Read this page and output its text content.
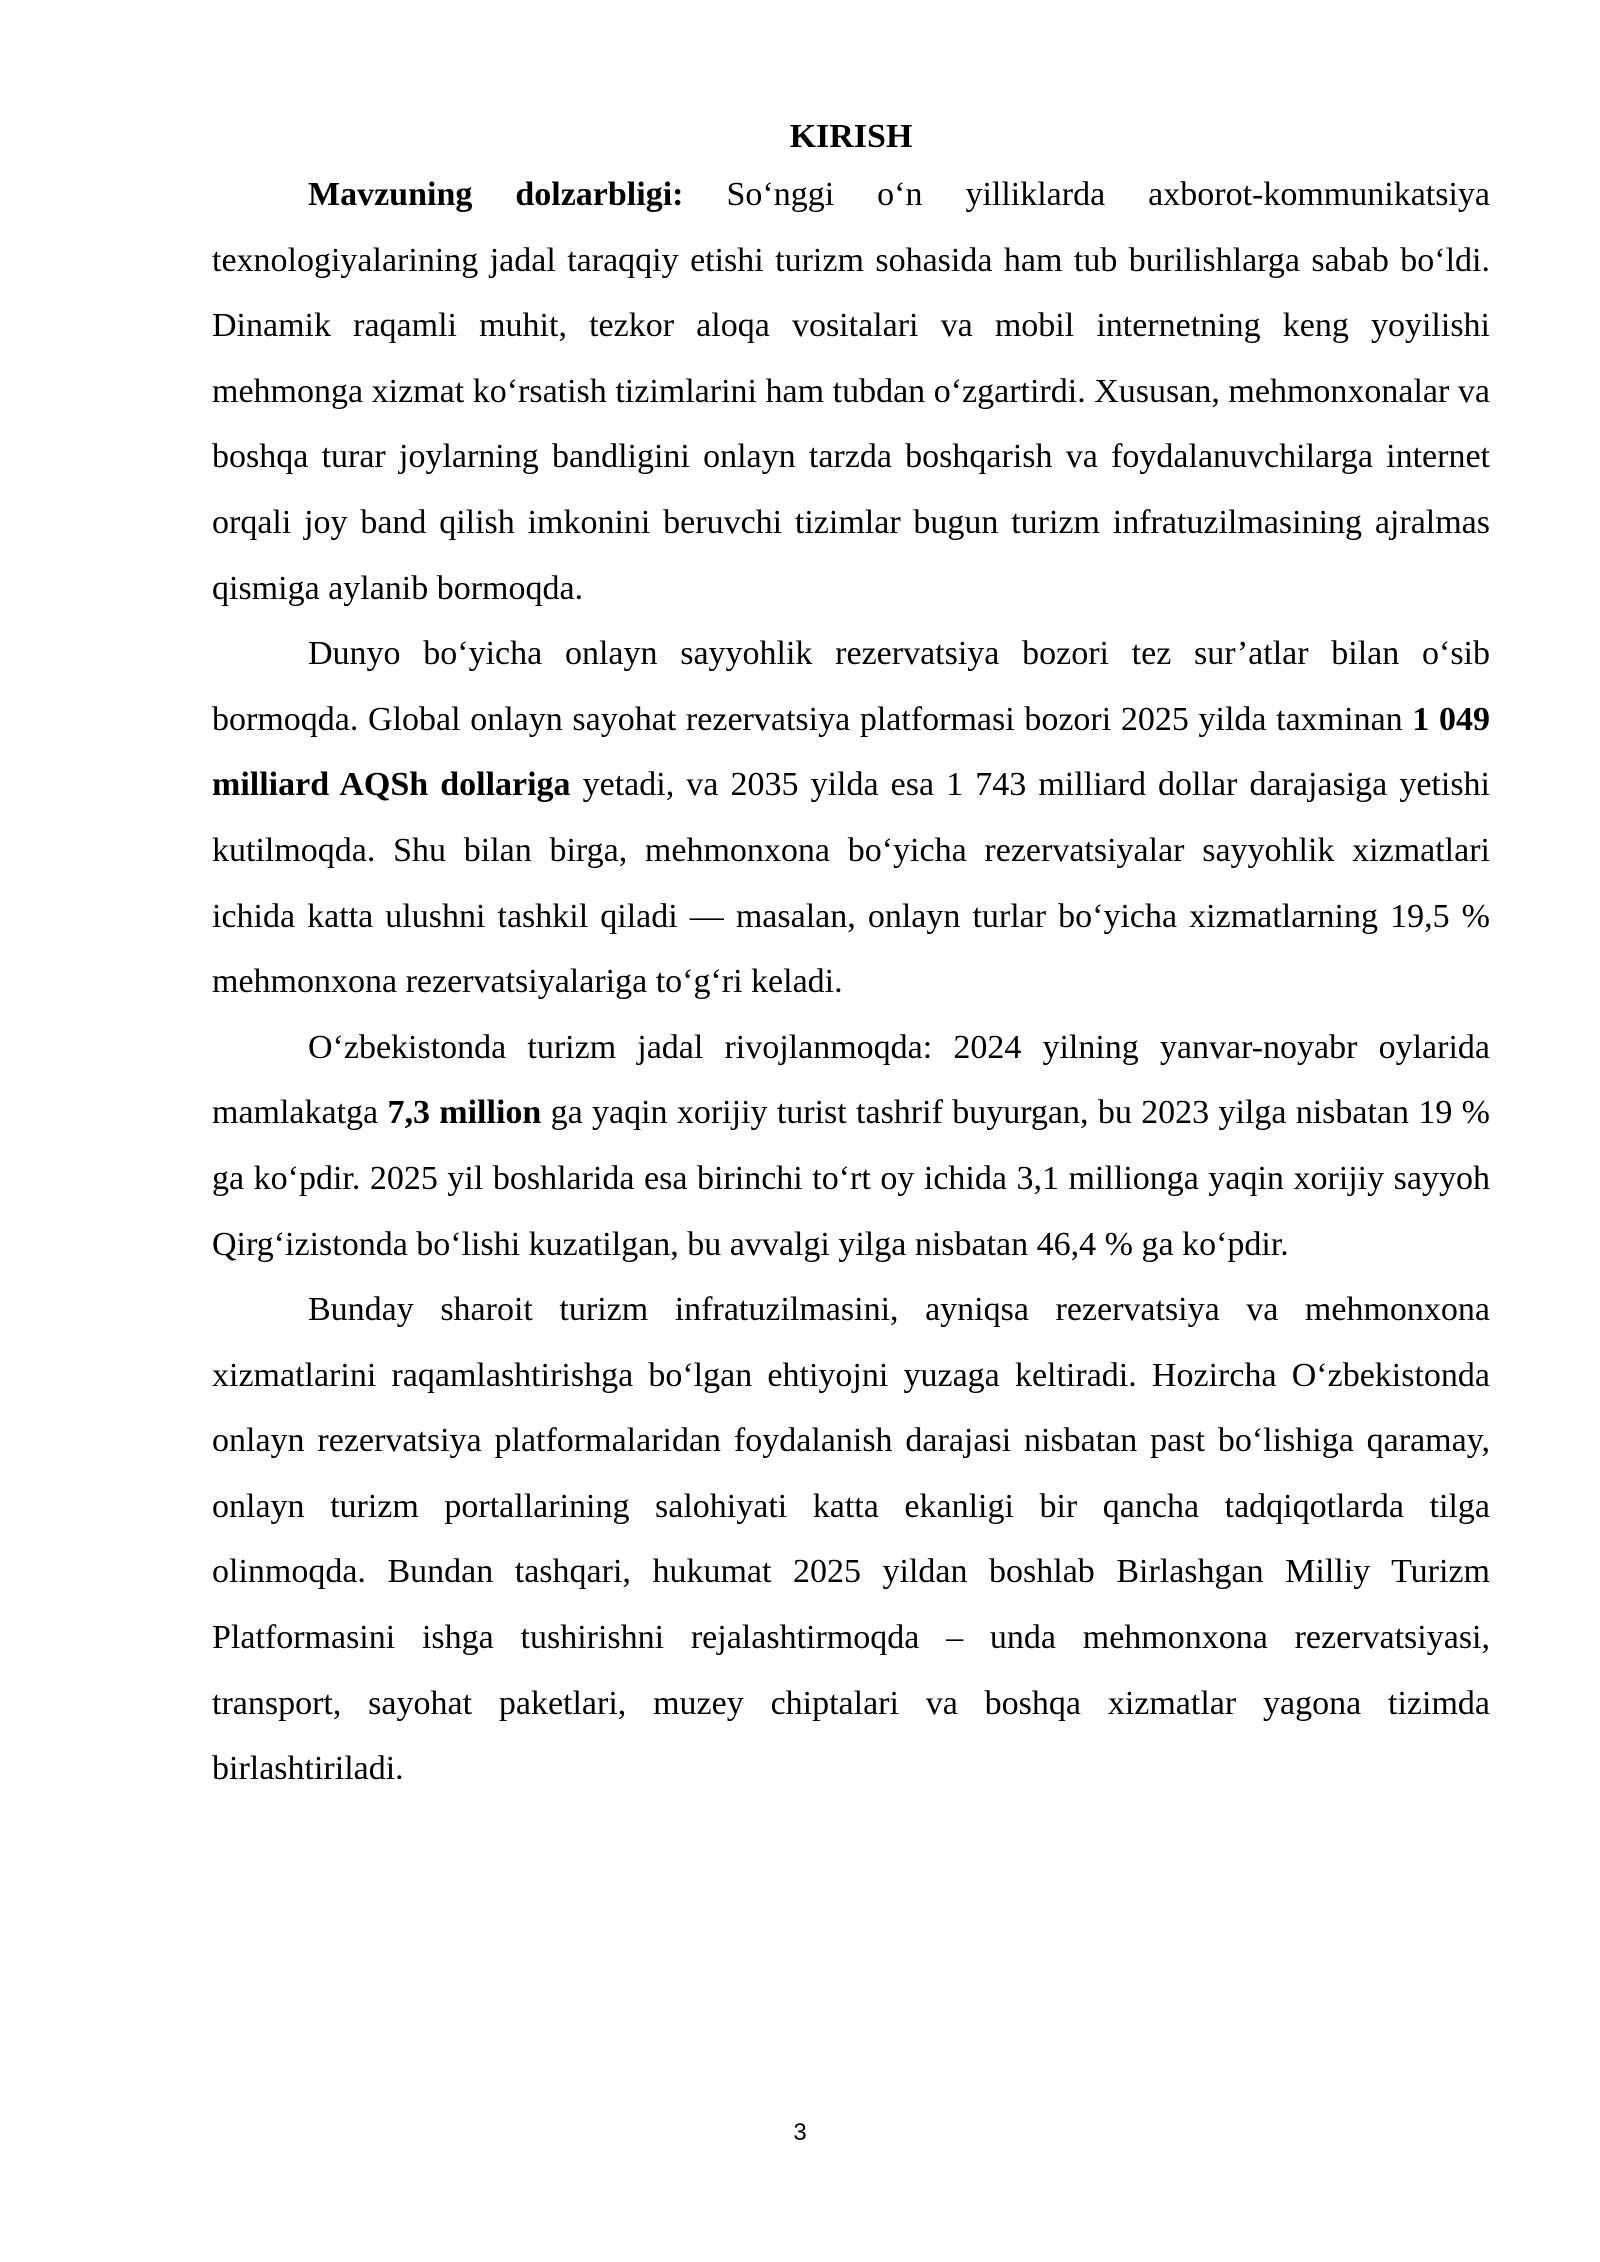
KIRISH

Mavzuning dolzarbligi: So‘nggi o‘n yilliklarda axborot-kommunikatsiya texnologiyalarining jadal taraqqiy etishi turizm sohasida ham tub burilishlarga sabab bo‘ldi. Dinamik raqamli muhit, tezkor aloqa vositalari va mobil internetning keng yoyilishi mehmonga xizmat ko‘rsatish tizimlarini ham tubdan o‘zgartirdi. Xususan, mehmonxonalar va boshqa turar joylarning bandligini onlayn tarzda boshqarish va foydalanuvchilarga internet orqali joy band qilish imkonini beruvchi tizimlar bugun turizm infratuzilmasining ajralmas qismiga aylanib bormoqda.

Dunyo bo‘yicha onlayn sayyohlik rezervatsiya bozori tez sur’atlar bilan o‘sib bormoqda. Global onlayn sayohat rezervatsiya platformasi bozori 2025 yilda taxminan 1 049 milliard AQSh dollariga yetadi, va 2035 yilda esa 1 743 milliard dollar darajasiga yetishi kutilmoqda. Shu bilan birga, mehmonxona bo‘yicha rezervatsiyalar sayyohlik xizmatlari ichida katta ulushni tashkil qiladi — masalan, onlayn turlar bo‘yicha xizmatlarning 19,5 % mehmonxona rezervatsiyalariga to‘g‘ri keladi.

O‘zbekistonda turizm jadal rivojlanmoqda: 2024 yilning yanvar-noyabr oylarida mamlakatga 7,3 million ga yaqin xorijiy turist tashrif buyurgan, bu 2023 yilga nisbatan 19 % ga ko‘pdir. 2025 yil boshlarida esa birinchi to‘rt oy ichida 3,1 millionga yaqin xorijiy sayyoh Qirg‘izistonda bo‘lishi kuzatilgan, bu avvalgi yilga nisbatan 46,4 % ga ko‘pdir.

Bunday sharoit turizm infratuzilmasini, ayniqsa rezervatsiya va mehmonxona xizmatlarini raqamlashtirishga bo‘lgan ehtiyojni yuzaga keltiradi. Hozircha O‘zbekistonda onlayn rezervatsiya platformalaridan foydalanish darajasi nisbatan past bo‘lishiga qaramay, onlayn turizm portallarining salohiyati katta ekanligi bir qancha tadqiqotlarda tilga olinmoqda. Bundan tashqari, hukumat 2025 yildan boshlab Birlashgan Milliy Turizm Platformasini ishga tushirishni rejalashtirmoqda – unda mehmonxona rezervatsiyasi, transport, sayohat paketlari, muzey chiptalari va boshqa xizmatlar yagona tizimda birlashtiriladi.

3
